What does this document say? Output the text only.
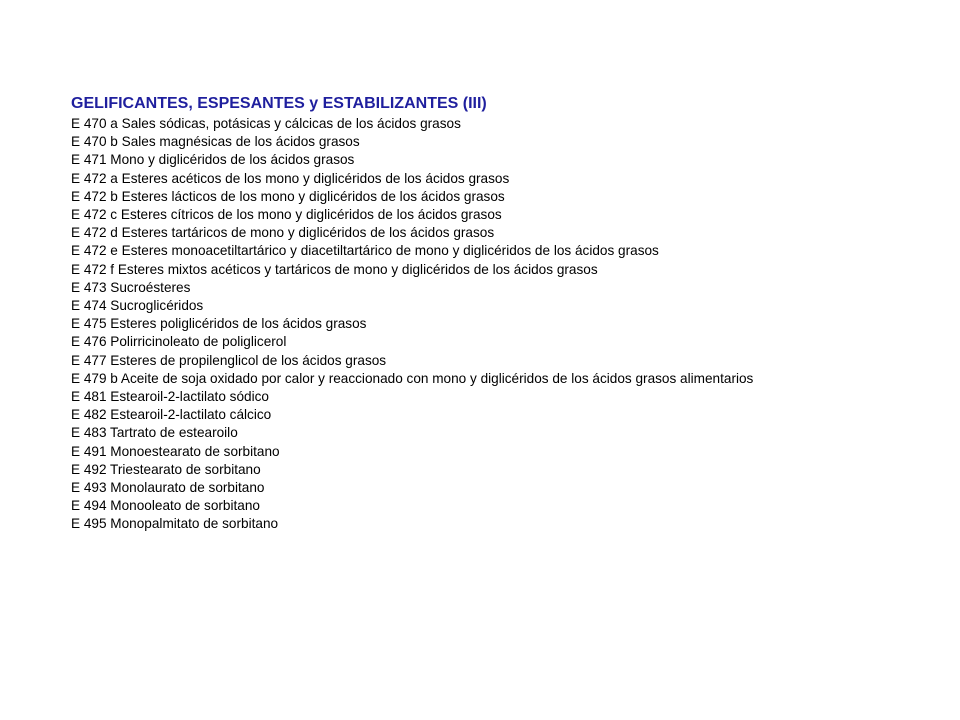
GELIFICANTES, ESPESANTES y ESTABILIZANTES (III)
E 470 a Sales sódicas, potásicas y cálcicas de los ácidos grasos
E 470 b Sales magnésicas de los ácidos grasos
E 471 Mono y diglicéridos de los ácidos grasos
E 472 a Esteres acéticos de los mono y diglicéridos de los ácidos grasos
E 472 b Esteres lácticos de los mono y diglicéridos de los ácidos grasos
E 472 c Esteres cítricos de los mono y diglicéridos de los ácidos grasos
E 472 d Esteres tartáricos de mono y diglicéridos de los ácidos grasos
E 472 e Esteres monoacetiltartárico y diacetiltartárico de mono y diglicéridos de los ácidos grasos
E 472 f Esteres mixtos acéticos y tartáricos de mono y diglicéridos de los ácidos grasos
E 473 Sucroésteres
E 474 Sucroglicéridos
E 475 Esteres poliglicéridos de los ácidos grasos
E 476 Polirricinoleato de poliglicerol
E 477 Esteres de propilenglicol de los ácidos grasos
E 479 b Aceite de soja oxidado por calor y reaccionado con mono y diglicéridos de los ácidos grasos alimentarios
E 481 Estearoil-2-lactilato sódico
E 482 Estearoil-2-lactilato cálcico
E 483 Tartrato de estearoilo
E 491 Monoestearato de sorbitano
E 492 Triestearato de sorbitano
E 493 Monolaurato de sorbitano
E 494 Monooleato de sorbitano
E 495 Monopalmitato de sorbitano
